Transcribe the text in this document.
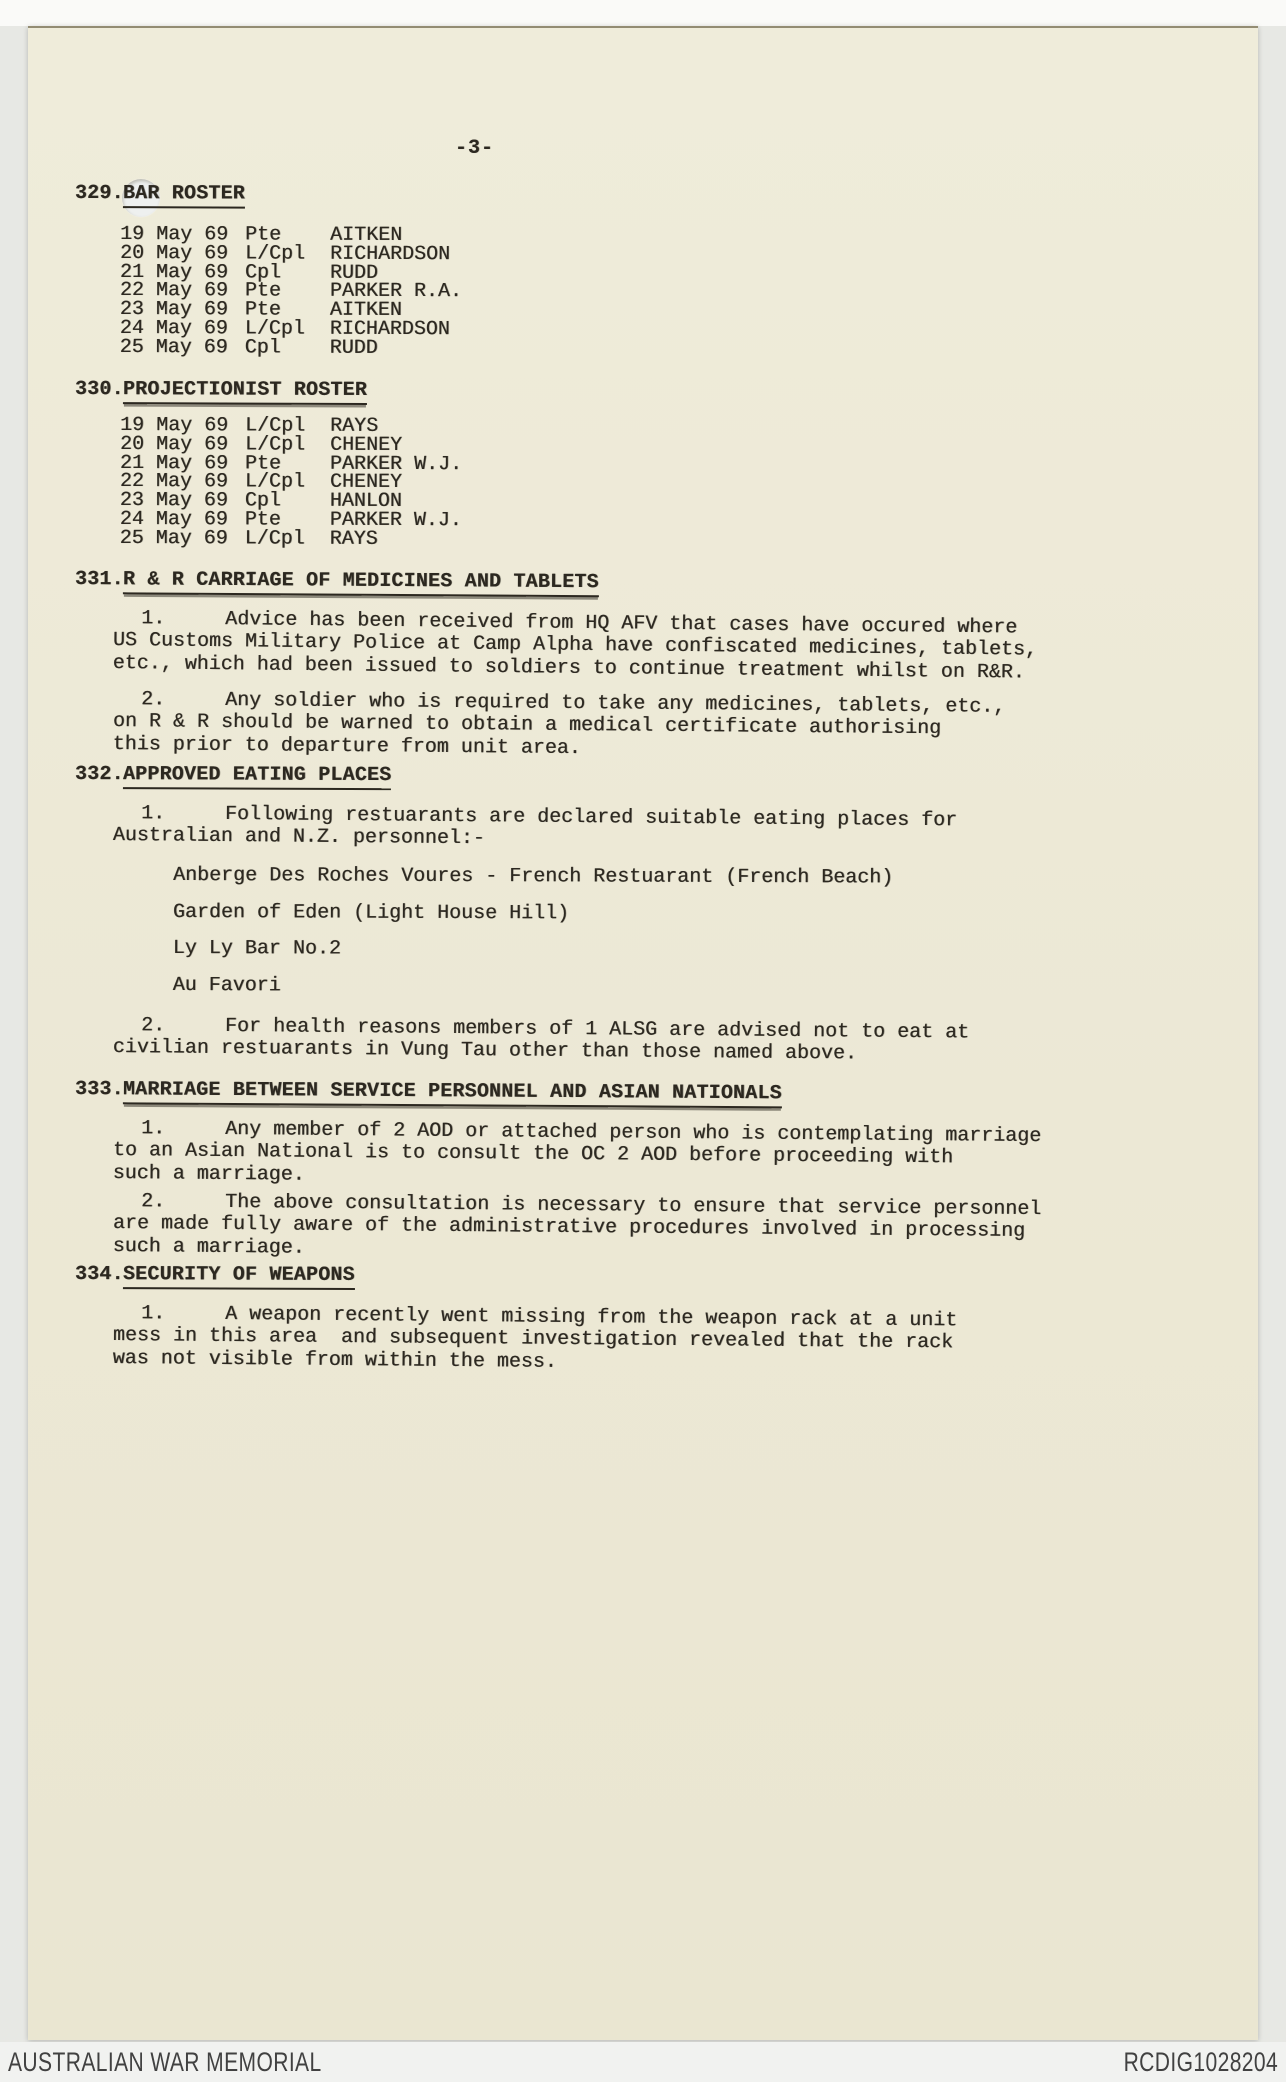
-3-
329.BAR ROSTER
19 May 69 Pte	AITKEN
20 May 69 L/Cpl	RICHARDSON
21 May 69 Cpl	RUDD
22 May 69 Pte	PARKER R.A.
23 May 69 Pte	AITKEN
24 May 69 L/Cpl	RICHARDSON
25 May 69 Cpl	RUDD
330.PROJECTIONIST ROSTER
19 May 69 L/Cpl	RAYS
20 May 69 L/Cpl	CHENEY
21 May 69 Pte	PARKER W.J.
22 May 69 L/Cpl	CHENEY
23 May 69 Cpl	HANLON
24 May 69 Pte	PARKER W.J.
25 May 69 L/Cpl	RAYS
331.R & R CARRIAGE OF MEDICINES AND TABLETS
1.	Advice has been received from HQ AFV that cases have occured where
US Customs Military Police at Camp Alpha have confiscated medicines, tablets,
etc., which had been issued to soldiers to continue treatment whilst on R&R.
2.	Any soldier who is required to take any medicines, tablets, etc.,
on R & R should be warned to obtain a medical certificate authorising
this prior to departure from unit area.
332.APPROVED EATING PLACES
1.	Following restuarants are declared suitable eating places for
Australian and N.Z. personnel:-
Anberge Des Roches Voures - French Restuarant (French Beach)
Garden of Eden (Light House Hill)
Ly Ly Bar No.2
Au Favori
2.	For health reasons members of 1 ALSG are advised not to eat at
civilian restuarants in Vung Tau other than those named above.
333.MARRIAGE BETWEEN SERVICE PERSONNEL AND ASIAN NATIONALS
1.	Any member of 2 AOD or attached person who is contemplating marriage
to an Asian National is to consult the OC 2 AOD before proceeding with
such a marriage.
2.	The above consultation is necessary to ensure that service personnel
are made fully aware of the administrative procedures involved in processing
such a marriage.
334.SECURITY OF WEAPONS
1.	A weapon recently went missing from the weapon rack at a unit
mess in this area  and subsequent investigation revealed that the rack
was not visible from within the mess.
AUSTRALIAN WAR MEMORIAL	RCDIG1028204
